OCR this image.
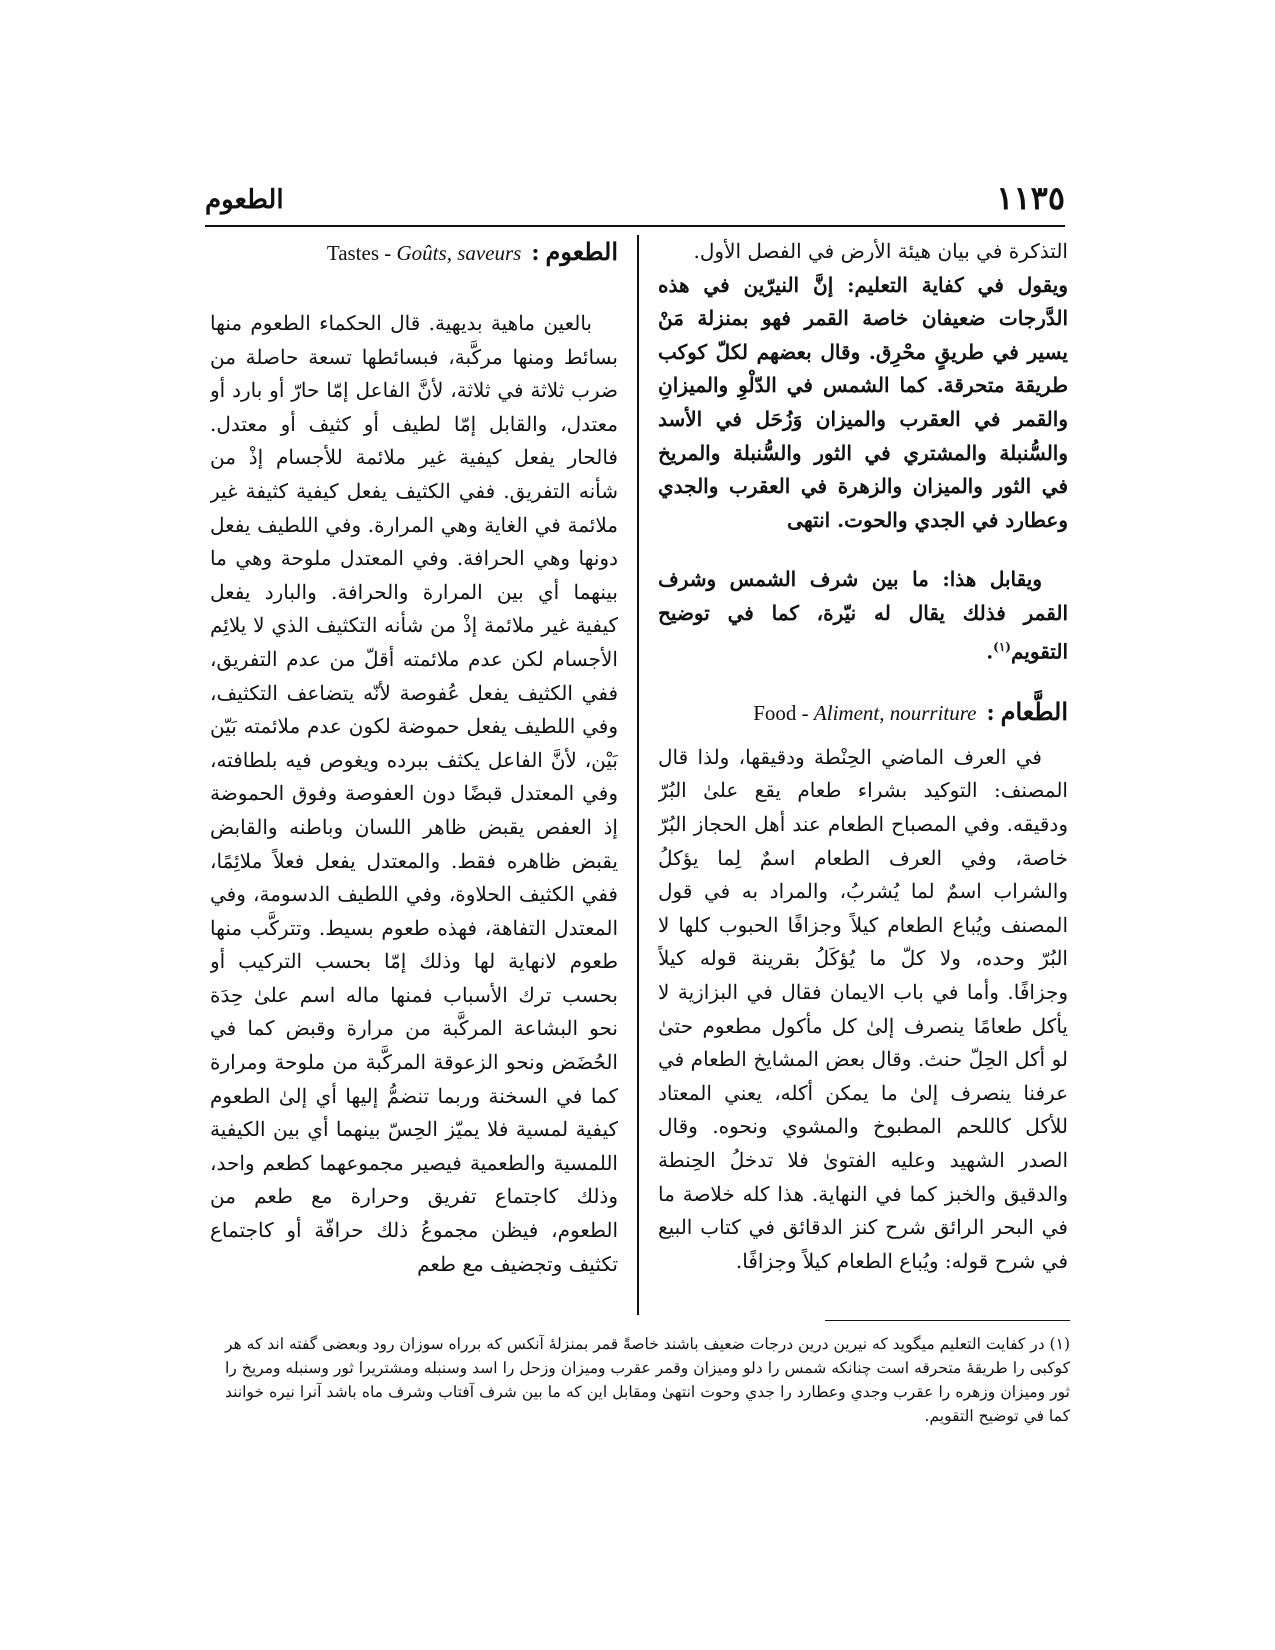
الطعوم	١١٣٥

التذكرة في بيان هيئة الأرض في الفصل الأول.

ويقول في كفاية التعليم: إنَّ النيرّين في هذه الدَّرجات ضعيفان خاصة القمر فهو بمنزلة مَنْ يسير في طريقٍ محْرِق. وقال بعضهم لكلّ كوكب طريقة متحرقة. كما الشمس في الدّلْوِ والميزانِ والقمر في العقرب والميزان وَزُحَل في الأسد والسُّنبلة والمشتري في الثور والسُّنبلة والمريخ في الثور والميزان والزهرة في العقرب والجدي وعطارد في الجدي والحوت. انتهى

ويقابل هذا: ما بين شرف الشمس وشرف القمر فذلك يقال له نيّرة، كما في توضيح التقويم$^{(١)}$.

الطَّعام
:
Food - Aliment, nourriture

في العرف الماضي الحِنْطة ودقيقها، ولذا قال المصنف: التوكيد بشراء طعام يقع علىٰ البُرّ ودقيقه. وفي المصباح الطعام عند أهل الحجاز البُرّ خاصة، وفي العرف الطعام اسمٌ لِما يؤكلُ والشراب اسمٌ لما يُشربُ، والمراد به في قول المصنف ويُباع الطعام كيلاً وجزافًا الحبوب كلها لا البُرّ وحده، ولا كلّ ما يُؤكَلُ بقرينة قوله كيلاً وجزافًا. وأما في باب الايمان فقال في البزازية لا يأكل طعامًا ينصرف إلىٰ كل مأكول مطعوم حتىٰ لو أكل الحِلّ حنث. وقال بعض المشايخ الطعام في عرفنا ينصرف إلىٰ ما يمكن أكله، يعني المعتاد للأكل كاللحم المطبوخ والمشوي ونحوه. وقال الصدر الشهيد وعليه الفتوىٰ فلا تدخلُ الحِنطة والدقيق والخبز كما في النهاية. هذا كله خلاصة ما في البحر الرائق شرح كنز الدقائق في كتاب البيع في شرح قوله: ويُباع الطعام كيلاً وجزافًا.

الطعوم
:
Tastes - Goûts, saveurs

بالعين ماهية بديهية. قال الحكماء الطعوم منها بسائط ومنها مركَّبة، فبسائطها تسعة حاصلة من ضرب ثلاثة في ثلاثة، لأنَّ الفاعل إمّا حارّ أو بارد أو معتدل، والقابل إمّا لطيف أو كثيف أو معتدل. فالحار يفعل كيفية غير ملائمة للأجسام إذْ من شأنه التفريق. ففي الكثيف يفعل كيفية كثيفة غير ملائمة في الغاية وهي المرارة. وفي اللطيف يفعل دونها وهي الحرافة. وفي المعتدل ملوحة وهي ما بينهما أي بين المرارة والحرافة. والبارد يفعل كيفية غير ملائمة إذْ من شأنه التكثيف الذي لا يلائِم الأجسام لكن عدم ملائمته أقلّ من عدم التفريق، ففي الكثيف يفعل عُفوصة لأنّه يتضاعف التكثيف، وفي اللطيف يفعل حموضة لكون عدم ملائمته بَيّن بَيْن، لأنَّ الفاعل يكثف ببرده ويغوص فيه بلطافته، وفي المعتدل قبضًا دون العفوصة وفوق الحموضة إذ العفص يقبض ظاهر اللسان وباطنه والقابض يقبض ظاهره فقط. والمعتدل يفعل فعلاً ملائِمًا، ففي الكثيف الحلاوة، وفي اللطيف الدسومة، وفي المعتدل التفاهة، فهذه طعوم بسيط. وتتركَّب منها طعوم لانهاية لها وذلك إمّا بحسب التركيب أو بحسب ترك الأسباب فمنها ماله اسم علىٰ حِدَة نحو البشاعة المركَّبة من مرارة وقبض كما في الحُضَض ونحو الزعوقة المركَّبة من ملوحة ومرارة كما في السخنة وربما تنضمُّ إليها أي إلىٰ الطعوم كيفية لمسية فلا يميّز الحِسّ بينهما أي بين الكيفية اللمسية والطعمية فيصير مجموعهما كطعم واحد، وذلك كاجتماع تفريق وحرارة مع طعم من الطعوم، فيظن مجموعُ ذلك حرافّة أو كاجتماع تكثيف وتجضيف مع طعم

(١) در كفايت التعليم ميگويد كه نيرين درين درجات ضعيف باشند خاصةً قمر بمنزلهٔ آنكس كه برراه سوزان رود وبعضى گفته اند كه هر كوكبى را طريقهٔ متحرقه است چنانكه شمس را دلو وميزان وقمر عقرب وميزان وزحل را اسد وسنبله ومشتريرا ثور وسنبله ومريخ را ثور وميزان وزهره را عقرب وجدي وعطارد را جدي وحوت انتهىٰ ومقابل اين كه ما بين شرف آفتاب وشرف ماه باشد آنرا نيره خوانند كما في توضيح التقويم.
